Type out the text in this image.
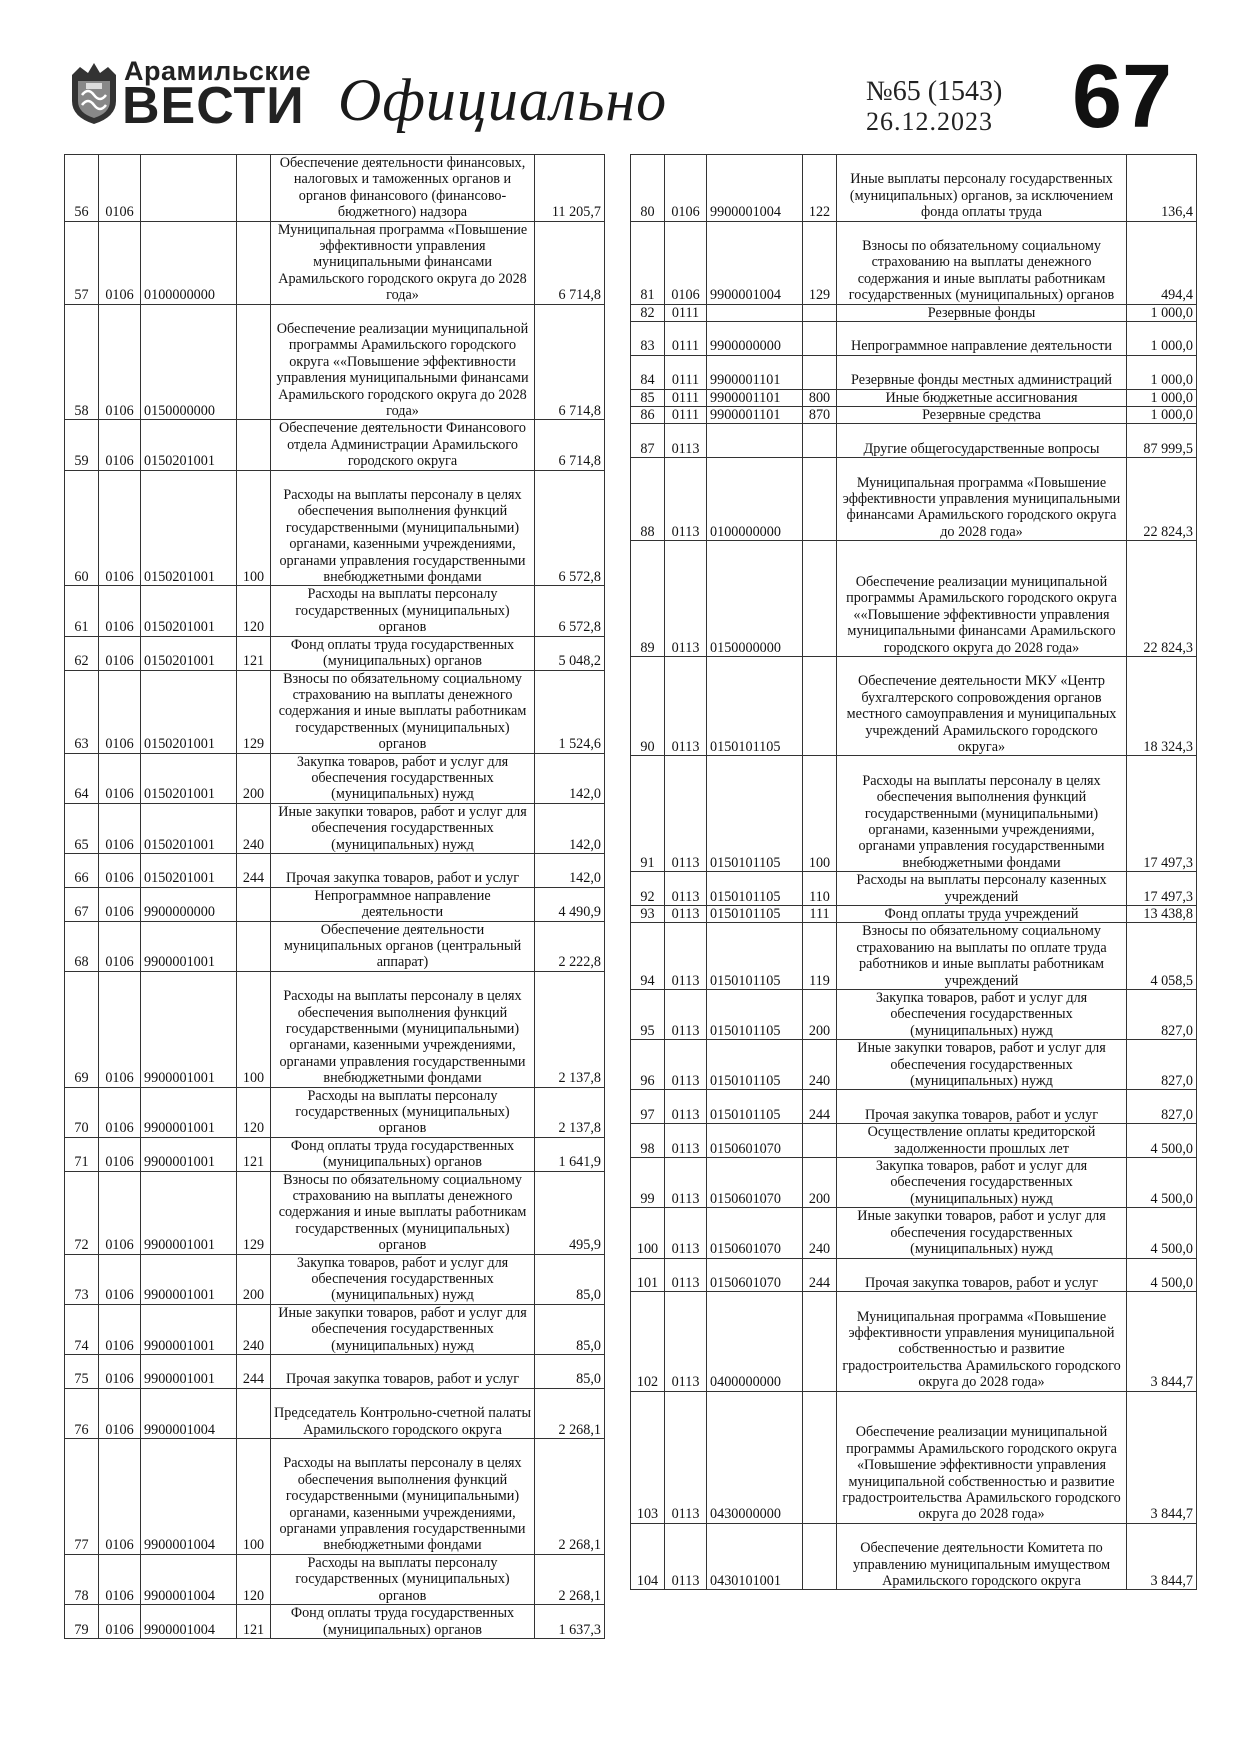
Арамильские
ВЕСТИ Официально	№65 (1543)
26.12.2023 67
56	0106			Обеспечение деятельности финансовых, налоговых и таможенных органов и органов финансового (финансово-бюджетного) надзора	11 205,7
57	0106	0100000000		Муниципальная программа «Повышение эффективности управления муниципальными финансами Арамильского городского округа до 2028 года»	6 714,8
58	0106	0150000000		Обеспечение реализации муниципальной программы Арамильского городского округа ««Повышение эффективности управления муниципальными финансами Арамильского городского округа до 2028 года»	6 714,8
59	0106	0150201001		Обеспечение деятельности Финансового отдела Администрации Арамильского городского округа	6 714,8
60	0106	0150201001	100	Расходы на выплаты персоналу в целях обеспечения выполнения функций государственными (муниципальными) органами, казенными учреждениями, органами управления государственными внебюджетными фондами	6 572,8
61	0106	0150201001	120	Расходы на выплаты персоналу государственных (муниципальных) органов	6 572,8
62	0106	0150201001	121	Фонд оплаты труда государственных (муниципальных) органов	5 048,2
63	0106	0150201001	129	Взносы по обязательному социальному страхованию на выплаты денежного содержания и иные выплаты работникам государственных (муниципальных) органов	1 524,6
64	0106	0150201001	200	Закупка товаров, работ и услуг для обеспечения государственных (муниципальных) нужд	142,0
65	0106	0150201001	240	Иные закупки товаров, работ и услуг для обеспечения государственных (муниципальных) нужд	142,0
66	0106	0150201001	244	Прочая закупка товаров, работ и услуг	142,0
67	0106	9900000000		Непрограммное направление деятельности	4 490,9
68	0106	9900001001		Обеспечение деятельности муниципальных органов (центральный аппарат)	2 222,8
69	0106	9900001001	100	Расходы на выплаты персоналу в целях обеспечения выполнения функций государственными (муниципальными) органами, казенными учреждениями, органами управления государственными внебюджетными фондами	2 137,8
70	0106	9900001001	120	Расходы на выплаты персоналу государственных (муниципальных) органов	2 137,8
71	0106	9900001001	121	Фонд оплаты труда государственных (муниципальных) органов	1 641,9
72	0106	9900001001	129	Взносы по обязательному социальному страхованию на выплаты денежного содержания и иные выплаты работникам государственных (муниципальных) органов	495,9
73	0106	9900001001	200	Закупка товаров, работ и услуг для обеспечения государственных (муниципальных) нужд	85,0
74	0106	9900001001	240	Иные закупки товаров, работ и услуг для обеспечения государственных (муниципальных) нужд	85,0
75	0106	9900001001	244	Прочая закупка товаров, работ и услуг	85,0
76	0106	9900001004		Председатель Контрольно-счетной палаты Арамильского городского округа	2 268,1
77	0106	9900001004	100	Расходы на выплаты персоналу в целях обеспечения выполнения функций государственными (муниципальными) органами, казенными учреждениями, органами управления государственными внебюджетными фондами	2 268,1
78	0106	9900001004	120	Расходы на выплаты персоналу государственных (муниципальных) органов	2 268,1
79	0106	9900001004	121	Фонд оплаты труда государственных (муниципальных) органов	1 637,3
80	0106	9900001004	122	Иные выплаты персоналу государственных (муниципальных) органов, за исключением фонда оплаты труда	136,4
81	0106	9900001004	129	Взносы по обязательному социальному страхованию на выплаты денежного содержания и иные выплаты работникам государственных (муниципальных) органов	494,4
82	0111			Резервные фонды	1 000,0
83	0111	9900000000		Непрограммное направление деятельности	1 000,0
84	0111	9900001101		Резервные фонды местных администраций	1 000,0
85	0111	9900001101	800	Иные бюджетные ассигнования	1 000,0
86	0111	9900001101	870	Резервные средства	1 000,0
87	0113			Другие общегосударственные вопросы	87 999,5
88	0113	0100000000		Муниципальная программа «Повышение эффективности управления муниципальными финансами Арамильского городского округа до 2028 года»	22 824,3
89	0113	0150000000		Обеспечение реализации муниципальной программы Арамильского городского округа ««Повышение эффективности управления муниципальными финансами Арамильского городского округа до 2028 года»	22 824,3
90	0113	0150101105		Обеспечение деятельности МКУ «Центр бухгалтерского сопровождения органов местного самоуправления и муниципальных учреждений Арамильского городского округа»	18 324,3
91	0113	0150101105	100	Расходы на выплаты персоналу в целях обеспечения выполнения функций государственными (муниципальными) органами, казенными учреждениями, органами управления государственными внебюджетными фондами	17 497,3
92	0113	0150101105	110	Расходы на выплаты персоналу казенных учреждений	17 497,3
93	0113	0150101105	111	Фонд оплаты труда учреждений	13 438,8
94	0113	0150101105	119	Взносы по обязательному социальному страхованию на выплаты по оплате труда работников и иные выплаты работникам учреждений	4 058,5
95	0113	0150101105	200	Закупка товаров, работ и услуг для обеспечения государственных (муниципальных) нужд	827,0
96	0113	0150101105	240	Иные закупки товаров, работ и услуг для обеспечения государственных (муниципальных) нужд	827,0
97	0113	0150101105	244	Прочая закупка товаров, работ и услуг	827,0
98	0113	0150601070		Осуществление оплаты кредиторской задолженности прошлых лет	4 500,0
99	0113	0150601070	200	Закупка товаров, работ и услуг для обеспечения государственных (муниципальных) нужд	4 500,0
100	0113	0150601070	240	Иные закупки товаров, работ и услуг для обеспечения государственных (муниципальных) нужд	4 500,0
101	0113	0150601070	244	Прочая закупка товаров, работ и услуг	4 500,0
102	0113	0400000000		Муниципальная программа «Повышение эффективности управления муниципальной собственностью и развитие градостроительства Арамильского городского округа до 2028 года»	3 844,7
103	0113	0430000000		Обеспечение реализации муниципальной программы Арамильского городского округа «Повышение эффективности управления муниципальной собственностью и развитие градостроительства Арамильского городского округа до 2028 года»	3 844,7
104	0113	0430101001		Обеспечение деятельности Комитета по управлению муниципальным имуществом Арамильского городского округа	3 844,7
